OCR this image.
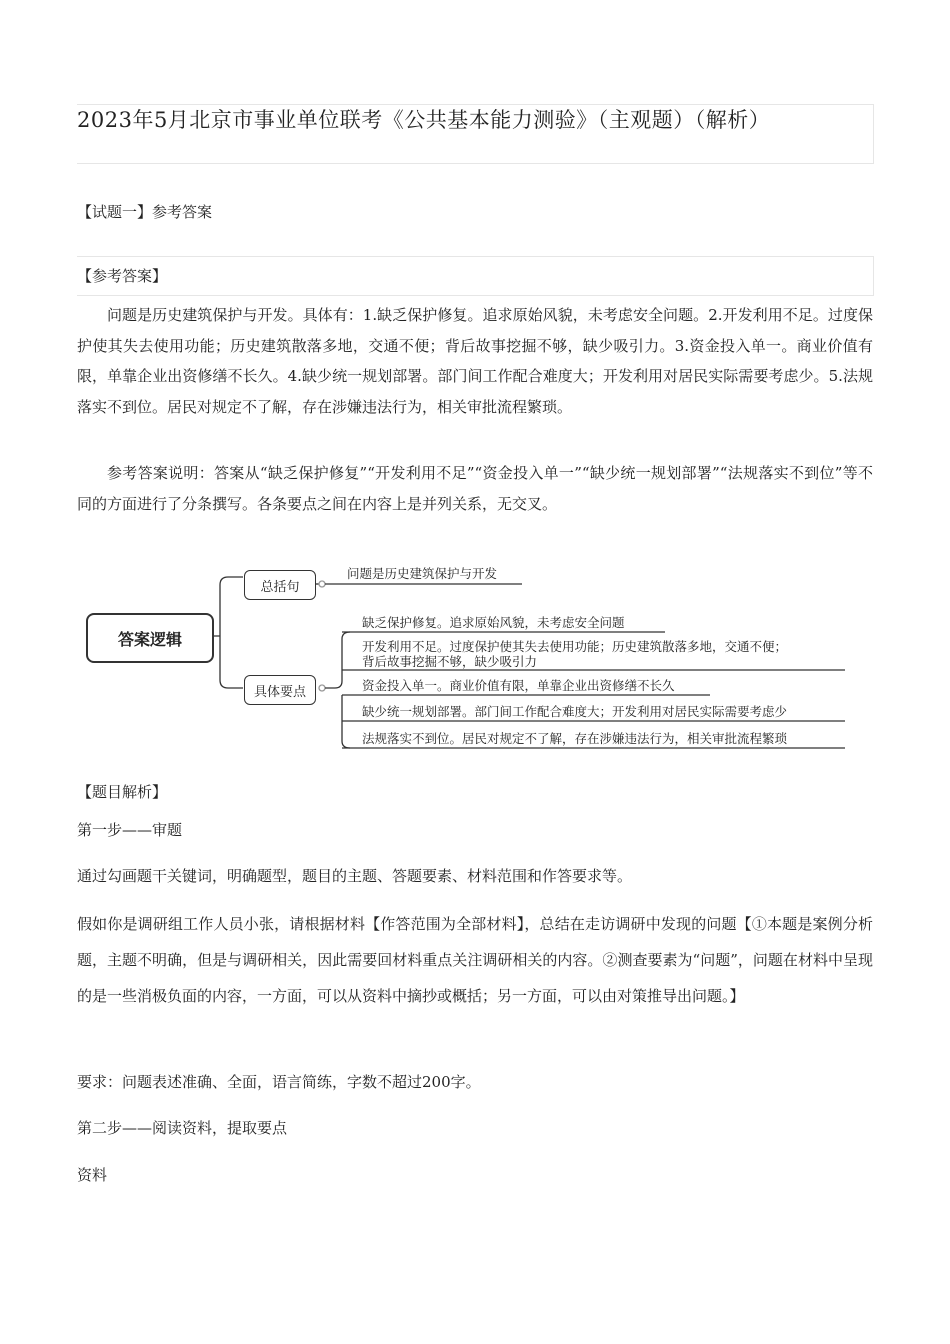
2023年5月北京市事业单位联考《公共基本能力测验》（主观题）（解析）
【试题一】参考答案
【参考答案】
问题是历史建筑保护与开发。具体有：1.缺乏保护修复。追求原始风貌，未考虑安全问题。2.开发利用不足。过度保护使其失去使用功能；历史建筑散落多地，交通不便；背后故事挖掘不够，缺少吸引力。3.资金投入单一。商业价值有限，单靠企业出资修缮不长久。4.缺少统一规划部署。部门间工作配合难度大；开发利用对居民实际需要考虑少。5.法规落实不到位。居民对规定不了解，存在涉嫌违法行为，相关审批流程繁琐。
参考答案说明：答案从“缺乏保护修复”“开发利用不足”“资金投入单一”“缺少统一规划部署”“法规落实不到位”等不同的方面进行了分条撰写。各条要点之间在内容上是并列关系，无交叉。
答案逻辑
总括句
具体要点
问题是历史建筑保护与开发
缺乏保护修复。追求原始风貌，未考虑安全问题
开发利用不足。过度保护使其失去使用功能；历史建筑散落多地，交通不便；
背后故事挖掘不够，缺少吸引力
资金投入单一。商业价值有限，单靠企业出资修缮不长久
缺少统一规划部署。部门间工作配合难度大；开发利用对居民实际需要考虑少
法规落实不到位。居民对规定不了解，存在涉嫌违法行为，相关审批流程繁琐
【题目解析】
第一步——审题
通过勾画题干关键词，明确题型，题目的主题、答题要素、材料范围和作答要求等。
假如你是调研组工作人员小张，请根据材料【作答范围为全部材料】，总结在走访调研中发现的问题【①本题是案例分析题，主题不明确，但是与调研相关，因此需要回材料重点关注调研相关的内容。②测查要素为“问题”，问题在材料中呈现的是一些消极负面的内容，一方面，可以从资料中摘抄或概括；另一方面，可以由对策推导出问题。】
要求：问题表述准确、全面，语言简练，字数不超过200字。
第二步——阅读资料，提取要点
资料
